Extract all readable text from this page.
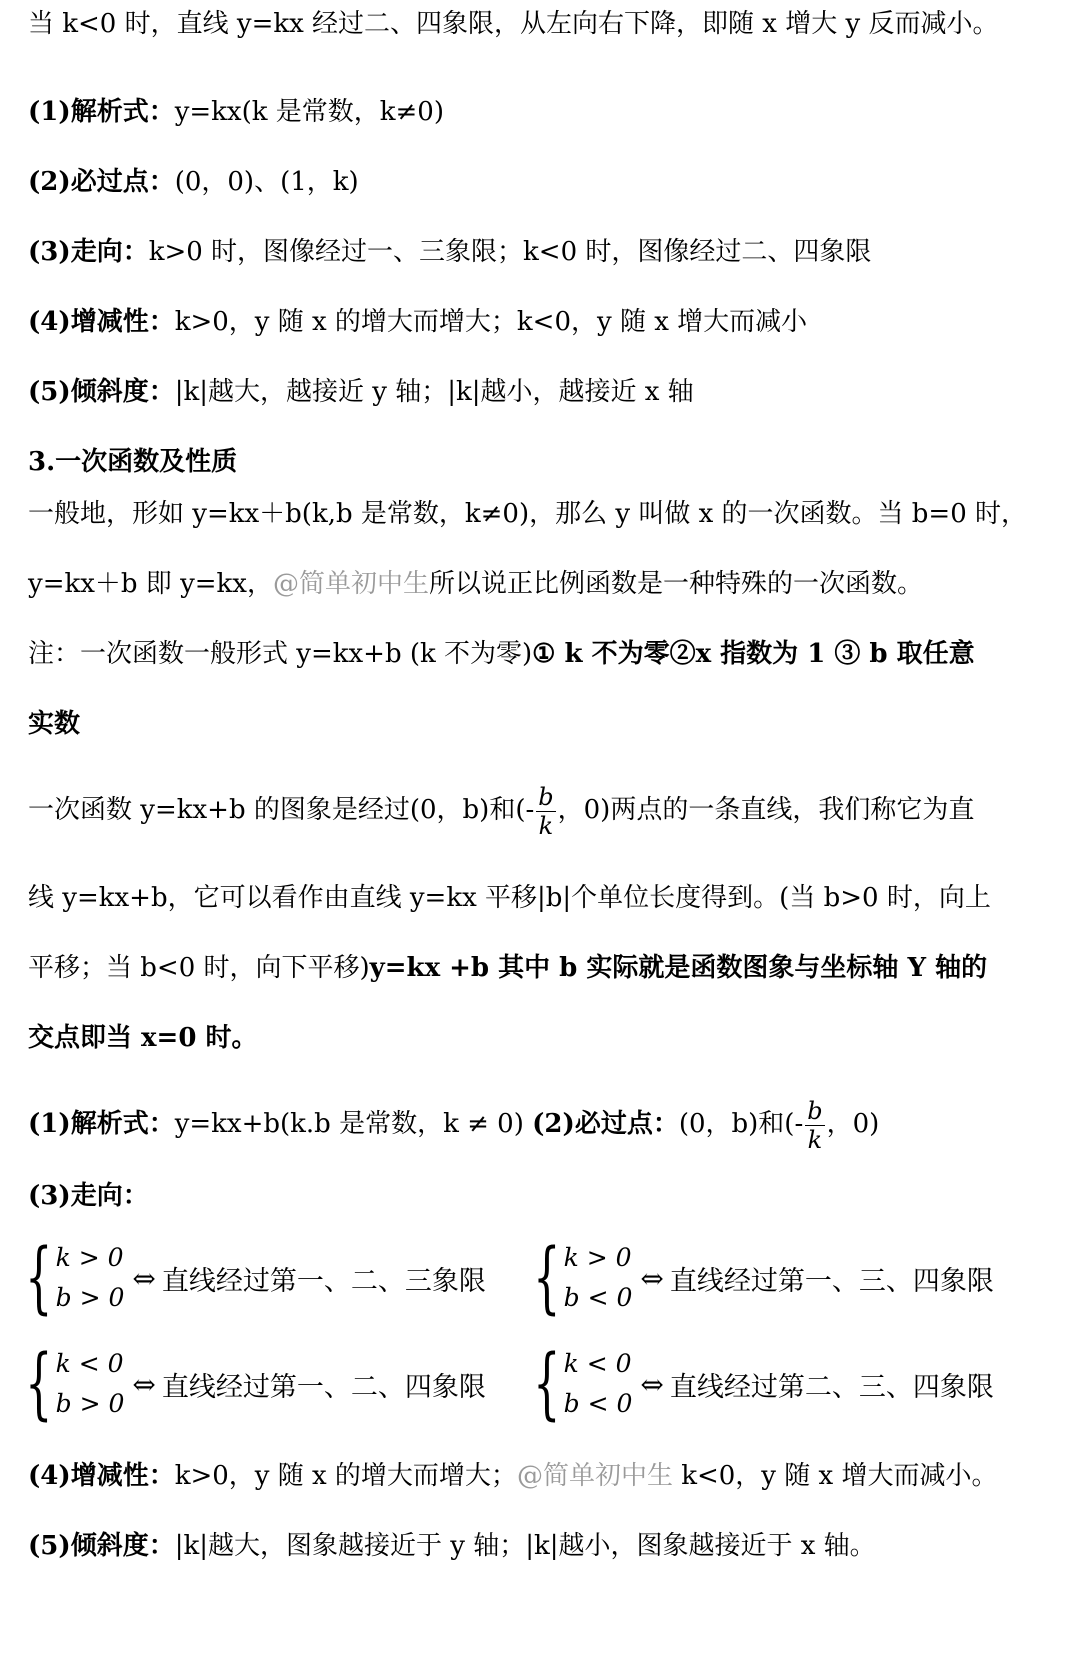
当 k<0 时，直线 y=kx 经过二、四象限，从左向右下降，即随 x 增大 y 反而减小。
(1)解析式：y=kx(k 是常数，k≠0)
(2)必过点：(0，0)、(1，k)
(3)走向：k>0 时，图像经过一、三象限；k<0 时，图像经过二、四象限
(4)增减性：k>0，y 随 x 的增大而增大；k<0，y 随 x 增大而减小
(5)倾斜度：|k|越大，越接近 y 轴；|k|越小，越接近 x 轴
3.一次函数及性质
一般地，形如 y=kx＋b(k,b 是常数，k≠0)，那么 y 叫做 x 的一次函数。当 b=0 时，
y=kx＋b 即 y=kx，@简单初中生所以说正比例函数是一种特殊的一次函数。
注：一次函数一般形式 y=kx+b (k 不为零)① k 不为零②x 指数为 1 ③ b 取任意
实数
一次函数 y=kx+b 的图象是经过(0，b)和(- $\frac{b}{k}$ ，0)两点的一条直线，我们称它为直
线 y=kx+b，它可以看作由直线 y=kx 平移|b|个单位长度得到。(当 b>0 时，向上
平移；当 b<0 时，向下平移)y=kx +b 其中 b 实际就是函数图象与坐标轴 Y 轴的
交点即当 x=0 时。
(1)解析式：y=kx+b(k.b 是常数，k ≠ 0) (2)必过点：(0，b)和(- $\frac{b}{k}$ ，0)
(3)走向：
{ k > 0
b > 0
⇔ 直线经过第一、二、三象限 { k > 0
b < 0
⇔ 直线经过第一、三、四象限
{ k < 0
b > 0
⇔ 直线经过第一、二、四象限 { k < 0
b < 0
⇔ 直线经过第二、三、四象限
(4)增减性：k>0，y 随 x 的增大而增大；@简单初中生 k<0，y 随 x 增大而减小。
(5)倾斜度：|k|越大，图象越接近于 y 轴；|k|越小，图象越接近于 x 轴。
